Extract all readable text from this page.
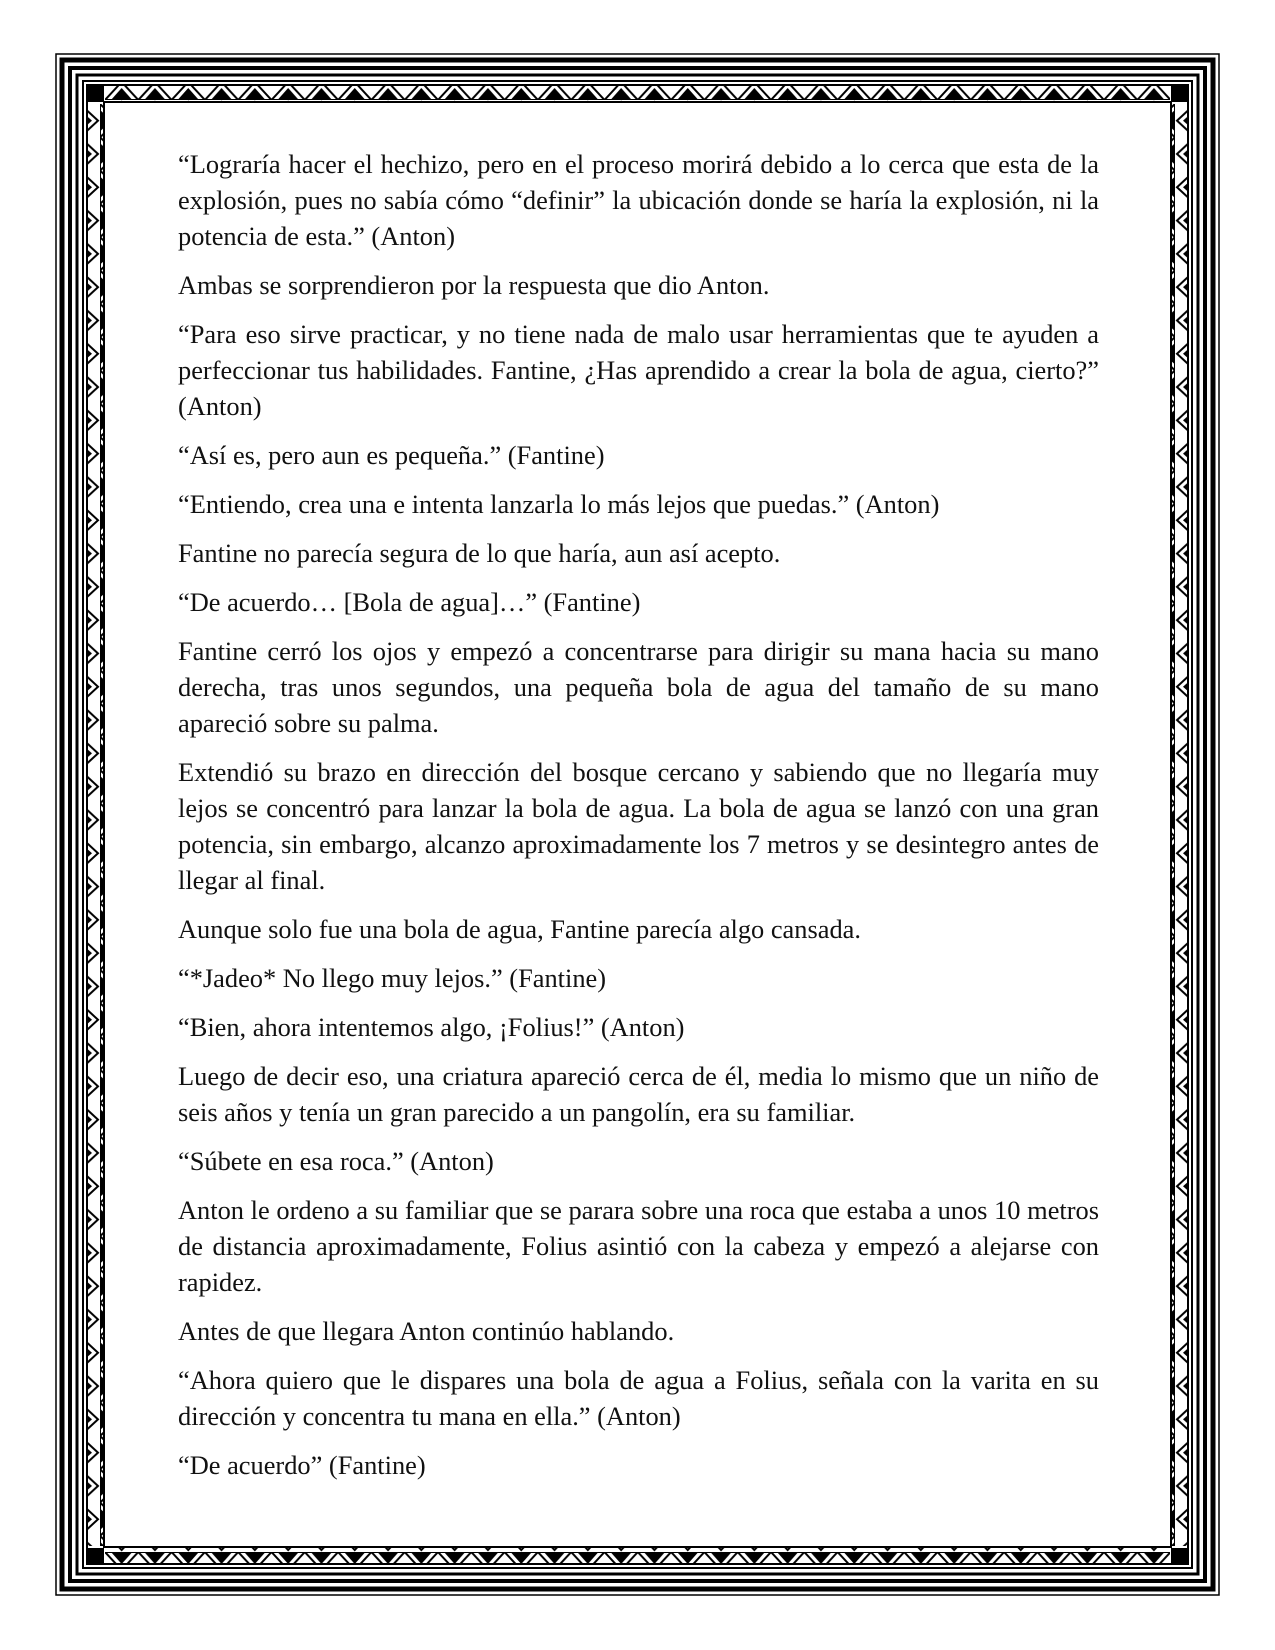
“Lograría hacer el hechizo, pero en el proceso morirá debido a lo cerca que esta de la explosión, pues no sabía cómo “definir” la ubicación donde se haría la explosión, ni la potencia de esta.” (Anton)

Ambas se sorprendieron por la respuesta que dio Anton.

“Para eso sirve practicar, y no tiene nada de malo usar herramientas que te ayuden a perfeccionar tus habilidades. Fantine, ¿Has aprendido a crear la bola de agua, cierto?” (Anton)

“Así es, pero aun es pequeña.” (Fantine)

“Entiendo, crea una e intenta lanzarla lo más lejos que puedas.” (Anton)

Fantine no parecía segura de lo que haría, aun así acepto.

“De acuerdo… [Bola de agua]…” (Fantine)

Fantine cerró los ojos y empezó a concentrarse para dirigir su mana hacia su mano derecha, tras unos segundos, una pequeña bola de agua del tamaño de su mano apareció sobre su palma.

Extendió su brazo en dirección del bosque cercano y sabiendo que no llegaría muy lejos se concentró para lanzar la bola de agua. La bola de agua se lanzó con una gran potencia, sin embargo, alcanzo aproximadamente los 7 metros y se desintegro antes de llegar al final.

Aunque solo fue una bola de agua, Fantine parecía algo cansada.

“*Jadeo* No llego muy lejos.” (Fantine)

“Bien, ahora intentemos algo, ¡Folius!” (Anton)

Luego de decir eso, una criatura apareció cerca de él, media lo mismo que un niño de seis años y tenía un gran parecido a un pangolín, era su familiar.

“Súbete en esa roca.” (Anton)

Anton le ordeno a su familiar que se parara sobre una roca que estaba a unos 10 metros de distancia aproximadamente, Folius asintió con la cabeza y empezó a alejarse con rapidez.

Antes de que llegara Anton continúo hablando.

“Ahora quiero que le dispares una bola de agua a Folius, señala con la varita en su dirección y concentra tu mana en ella.” (Anton)

“De acuerdo” (Fantine)
